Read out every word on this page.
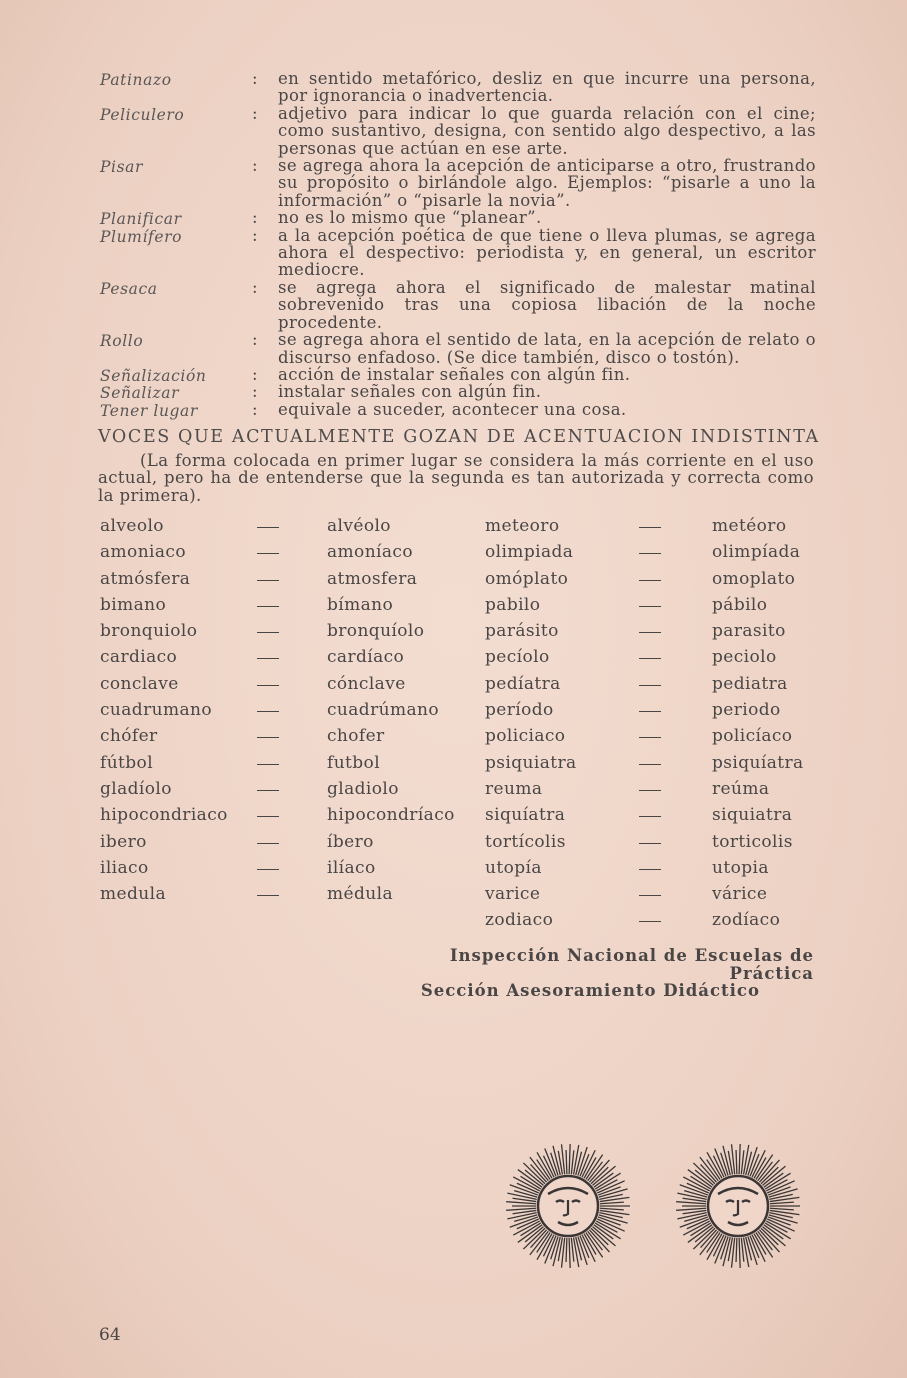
Patinazo	:	en sentido metafórico, desliz en que incurre una persona, por ignorancia o inadvertencia.
Peliculero	:	adjetivo para indicar lo que guarda relación con el cine; como sustantivo, designa, con sentido algo despectivo, a las personas que actúan en ese arte.
Pisar	:	se agrega ahora la acepción de anticiparse a otro, frustrando su propósito o birlándole algo. Ejemplos: “pisarle a uno la información” o “pisarle la novia”.
Planificar	:	no es lo mismo que “planear”.
Plumífero	:	a la acepción poética de que tiene o lleva plumas, se agrega ahora el despectivo: periodista y, en general, un escritor mediocre.
Pesaca	:	se agrega ahora el significado de malestar matinal sobrevenido tras una copiosa libación de la noche procedente.
Rollo	:	se agrega ahora el sentido de lata, en la acepción de relato o discurso enfadoso. (Se dice también, disco o tostón).
Señalización	:	acción de instalar señales con algún fin.
Señalizar	:	instalar señales con algún fin.
Tener lugar	:	equivale a suceder, acontecer una cosa.
VOCES QUE ACTUALMENTE GOZAN DE ACENTUACION INDISTINTA
(La forma colocada en primer lugar se considera la más corriente en el uso actual, pero ha de entenderse que la segunda es tan autorizada y correcta como la primera).
alveolo	alvéolo
amoniaco	amoníaco
atmósfera	atmosfera
bimano	bímano
bronquiolo	bronquíolo
cardiaco	cardíaco
conclave	cónclave
cuadrumano	cuadrúmano
chófer	chofer
fútbol	futbol
gladíolo	gladiolo
hipocondriaco	hipocondríaco
ibero	íbero
iliaco	ilíaco
medula	médula
meteoro	metéoro
olimpiada	olimpíada
omóplato	omoplato
pabilo	pábilo
parásito	parasito
pecíolo	peciolo
pedíatra	pediatra
período	periodo
policiaco	policíaco
psiquiatra	psiquíatra
reuma	reúma
siquíatra	siquiatra
tortícolis	torticolis
utopía	utopia
varice	várice
zodiaco	zodíaco
Inspección Nacional de Escuelas de Práctica
Sección Asesoramiento Didáctico
64
